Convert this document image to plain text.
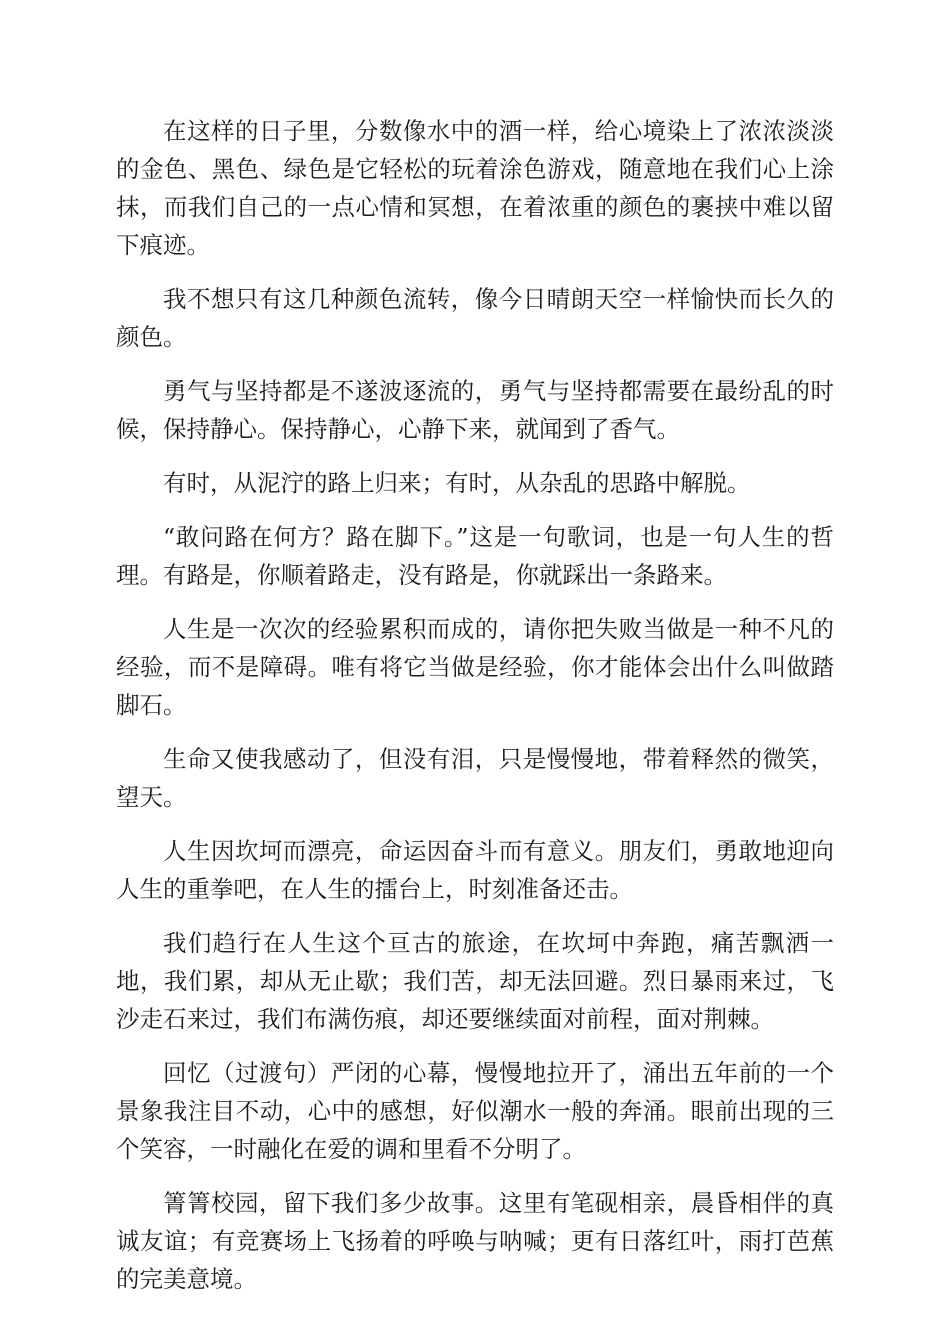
在这样的日子里，分数像水中的酒一样，给心境染上了浓浓淡淡的金色、黑色、绿色是它轻松的玩着涂色游戏，随意地在我们心上涂抹，而我们自己的一点心情和冥想，在着浓重的颜色的裹挟中难以留下痕迹。

我不想只有这几种颜色流转，像今日晴朗天空一样愉快而长久的颜色。

勇气与坚持都是不遂波逐流的，勇气与坚持都需要在最纷乱的时候，保持静心。保持静心，心静下来，就闻到了香气。

有时，从泥泞的路上归来；有时，从杂乱的思路中解脱。

“敢问路在何方？路在脚下。”这是一句歌词，也是一句人生的哲理。有路是，你顺着路走，没有路是，你就踩出一条路来。

人生是一次次的经验累积而成的，请你把失败当做是一种不凡的经验，而不是障碍。唯有将它当做是经验，你才能体会出什么叫做踏脚石。

生命又使我感动了，但没有泪，只是慢慢地，带着释然的微笑，望天。

人生因坎坷而漂亮，命运因奋斗而有意义。朋友们，勇敢地迎向人生的重拳吧，在人生的擂台上，时刻准备还击。

我们趋行在人生这个亘古的旅途，在坎坷中奔跑，痛苦飘洒一地，我们累，却从无止歇；我们苦，却无法回避。烈日暴雨来过，飞沙走石来过，我们布满伤痕，却还要继续面对前程，面对荆棘。

回忆（过渡句）严闭的心幕，慢慢地拉开了，涌出五年前的一个景象我注目不动，心中的感想，好似潮水一般的奔涌。眼前出现的三个笑容，一时融化在爱的调和里看不分明了。

箐箐校园，留下我们多少故事。这里有笔砚相亲，晨昏相伴的真诚友谊；有竞赛场上飞扬着的呼唤与呐喊；更有日落红叶，雨打芭蕉的完美意境。
